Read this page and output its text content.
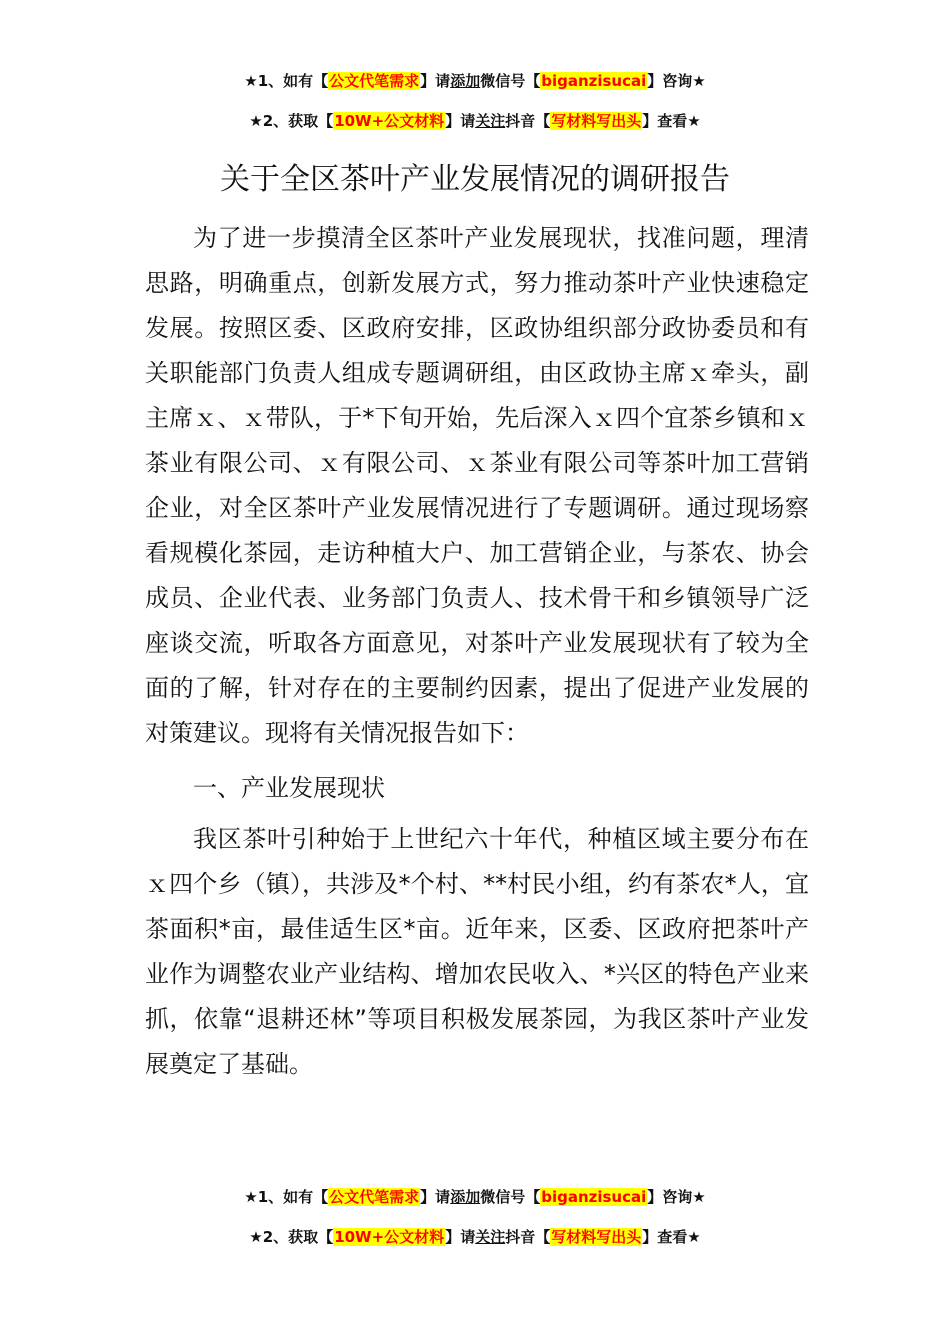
★1、如有【公文代笔需求】请添加微信号【biganzisucai】咨询★
★2、获取【10W+公文材料】请关注抖音【写材料写出头】查看★
关于全区茶叶产业发展情况的调研报告

为了进一步摸清全区茶叶产业发展现状，找准问题，理清思路，明确重点，创新发展方式，努力推动茶叶产业快速稳定发展。按照区委、区政府安排，区政协组织部分政协委员和有关职能部门负责人组成专题调研组，由区政协主席ｘ牵头，副主席ｘ、ｘ带队，于*下旬开始，先后深入ｘ四个宜茶乡镇和ｘ茶业有限公司、ｘ有限公司、ｘ茶业有限公司等茶叶加工营销企业，对全区茶叶产业发展情况进行了专题调研。通过现场察看规模化茶园，走访种植大户、加工营销企业，与茶农、协会成员、企业代表、业务部门负责人、技术骨干和乡镇领导广泛座谈交流，听取各方面意见，对茶叶产业发展现状有了较为全面的了解，针对存在的主要制约因素，提出了促进产业发展的对策建议。现将有关情况报告如下：

一、产业发展现状

我区茶叶引种始于上世纪六十年代，种植区域主要分布在ｘ四个乡（镇），共涉及*个村、**村民小组，约有茶农*人，宜茶面积*亩，最佳适生区*亩。近年来，区委、区政府把茶叶产业作为调整农业产业结构、增加农民收入、*兴区的特色产业来抓，依靠“退耕还林”等项目积极发展茶园，为我区茶叶产业发展奠定了基础。

★1、如有【公文代笔需求】请添加微信号【biganzisucai】咨询★
★2、获取【10W+公文材料】请关注抖音【写材料写出头】查看★
